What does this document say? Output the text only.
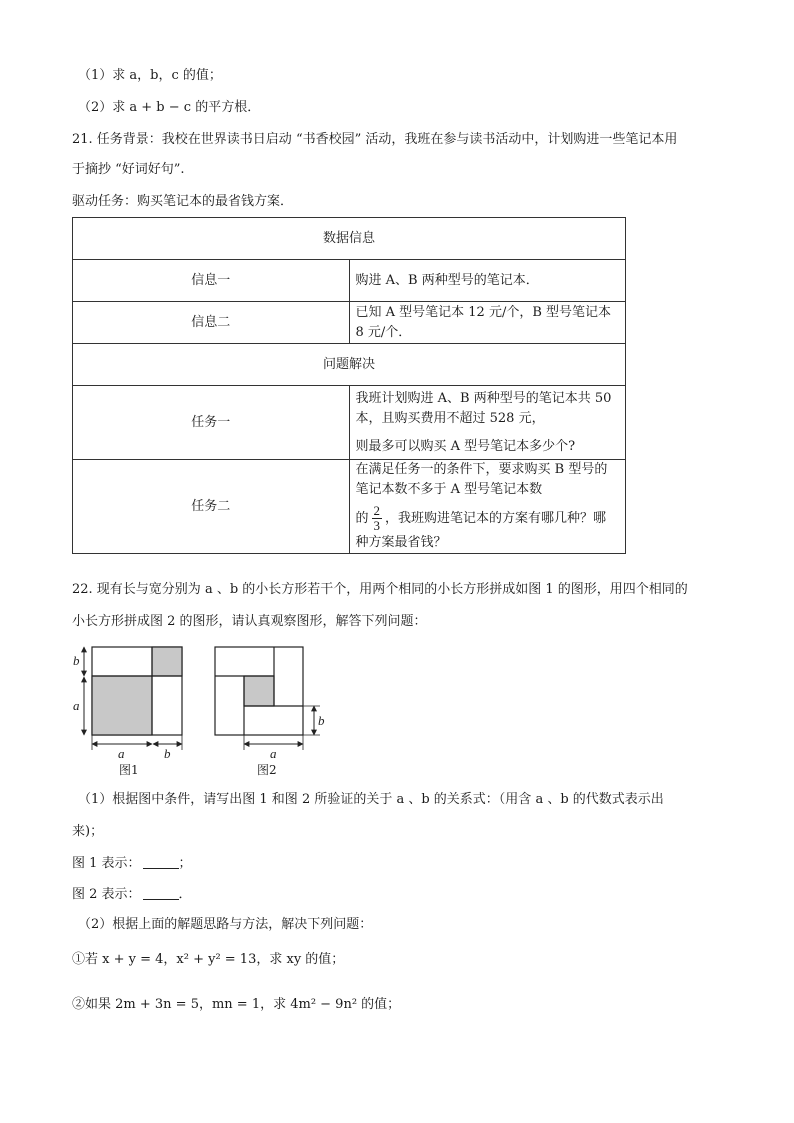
（1）求 a，b，c 的值；
（2）求 a + b − c 的平方根．
21. 任务背景：我校在世界读书日启动 “书香校园” 活动，我班在参与读书活动中，计划购进一些笔记本用
于摘抄 “好词好句”.
驱动任务：购买笔记本的最省钱方案．
数据信息	
信息一	购进 A、B 两种型号的笔记本．
信息二	已知 A 型号笔记本 12 元/个，B 型号笔记本 8 元/个．
问题解决	
任务一	我班计划购进 A、B 两种型号的笔记本共 50 本，且购买费用不超过 528 元，
则最多可以购买 A 型号笔记本多少个?

任务二	在满足任务一的条件下，要求购买 B 型号的笔记本数不多于 A 型号笔记本数
的 $\frac{2}{3}$ ，我班购进笔记本的方案有哪几种？哪种方案最省钱？
22. 现有长与宽分别为 a 、b 的小长方形若干个，用两个相同的小长方形拼成如图 1 的图形，用四个相同的
小长方形拼成图 2 的图形，请认真观察图形，解答下列问题：
b
a
a	b
图1
b
a
图2
（1）根据图中条件，请写出图 1 和图 2 所验证的关于 a 、b 的关系式：（用含 a 、b 的代数式表示出
来)；
图 1 表示：	；
图 2 表示：	．
（2）根据上面的解题思路与方法，解决下列问题：
①若 x + y = 4，x² + y² = 13，求 xy 的值；
②如果 2m + 3n = 5，mn = 1，求 4m² − 9n² 的值；
